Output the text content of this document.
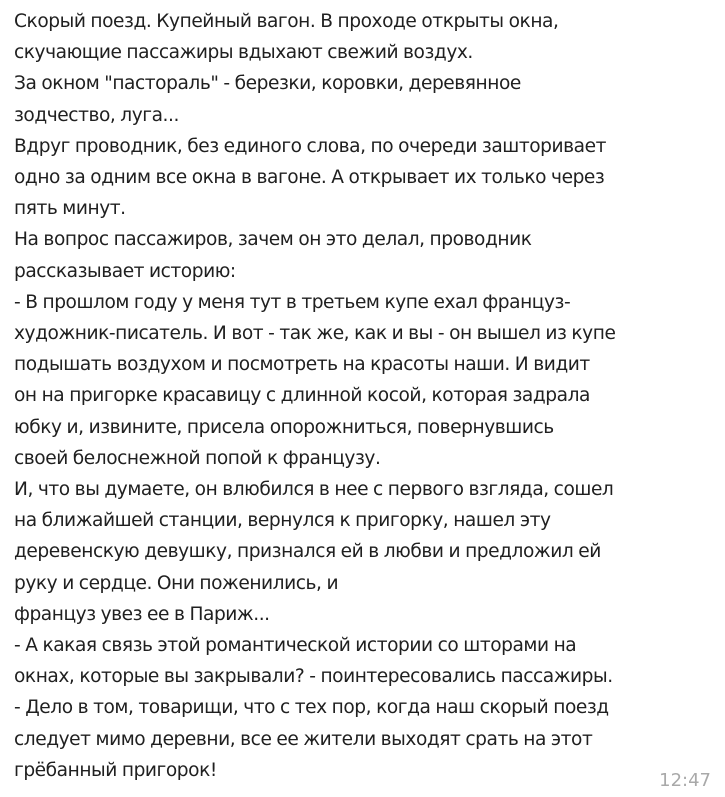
Скорый поезд. Купейный вагон. В проходе открыты окна,
скучающие пассажиры вдыхают свежий воздух.
За окном "пастораль" - березки, коровки, деревянное
зодчество, луга...
Вдруг проводник, без единого слова, по очереди зашторивает
одно за одним все окна в вагоне. А открывает их только через
пять минут.
На вопрос пассажиров, зачем он это делал, проводник
рассказывает историю:
- В прошлом году у меня тут в третьем купе ехал француз-
художник-писатель. И вот - так же, как и вы - он вышел из купе
подышать воздухом и посмотреть на красоты наши. И видит
он на пригорке красавицу с длинной косой, которая задрала
юбку и, извините, присела опорожниться, повернувшись
своей белоснежной попой к французу.
И, что вы думаете, он влюбился в нее с первого взгляда, сошел
на ближайшей станции, вернулся к пригорку, нашел эту
деревенскую девушку, признался ей в любви и предложил ей
руку и сердце. Они поженились, и
француз увез ее в Париж...
- А какая связь этой романтической истории со шторами на
окнах, которые вы закрывали? - поинтересовались пассажиры.
- Дело в том, товарищи, что с тех пор, когда наш скорый поезд
следует мимо деревни, все ее жители выходят срать на этот
грёбанный пригорок!	12:47
